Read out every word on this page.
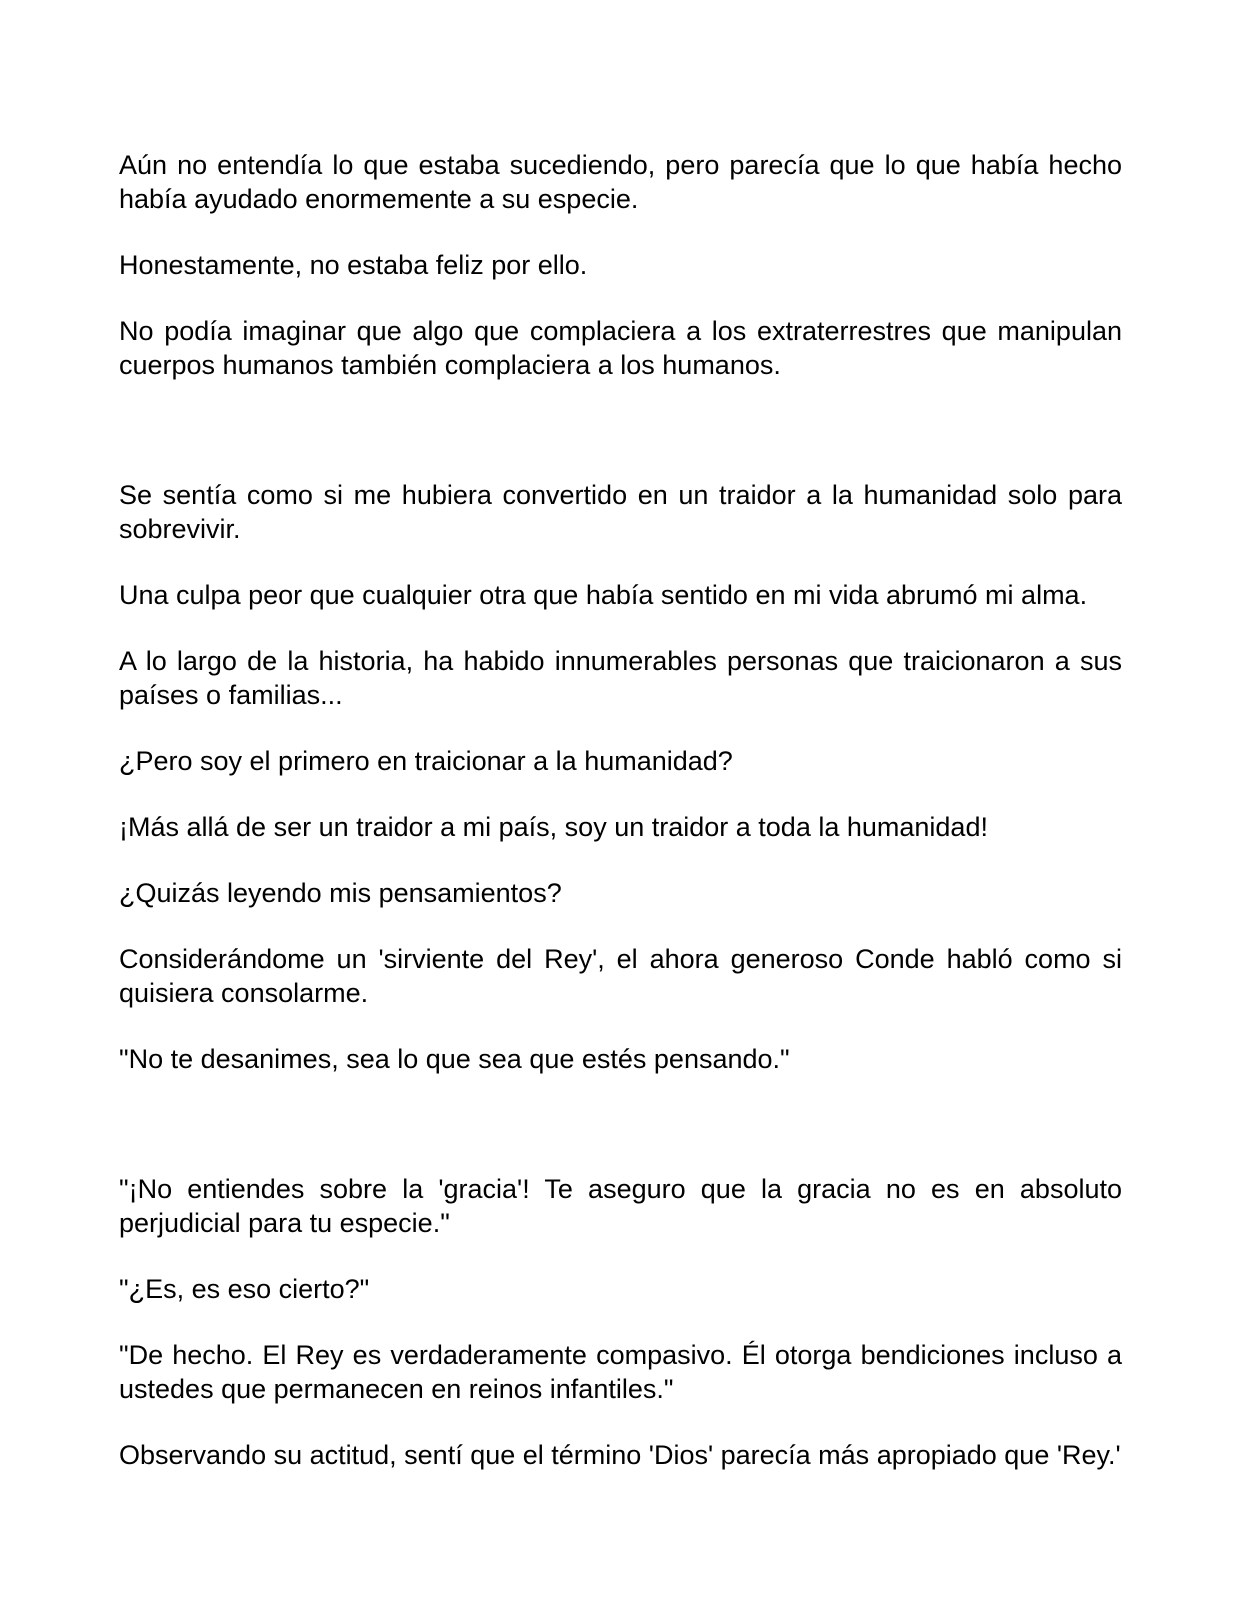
Aún no entendía lo que estaba sucediendo, pero parecía que lo que había hecho había ayudado enormemente a su especie.

Honestamente, no estaba feliz por ello.

No podía imaginar que algo que complaciera a los extraterrestres que manipulan cuerpos humanos también complaciera a los humanos.

Se sentía como si me hubiera convertido en un traidor a la humanidad solo para sobrevivir.

Una culpa peor que cualquier otra que había sentido en mi vida abrumó mi alma.

A lo largo de la historia, ha habido innumerables personas que traicionaron a sus países o familias...

¿Pero soy el primero en traicionar a la humanidad?

¡Más allá de ser un traidor a mi país, soy un traidor a toda la humanidad!

¿Quizás leyendo mis pensamientos?

Considerándome un 'sirviente del Rey', el ahora generoso Conde habló como si quisiera consolarme.

"No te desanimes, sea lo que sea que estés pensando."

"¡No entiendes sobre la 'gracia'! Te aseguro que la gracia no es en absoluto perjudicial para tu especie."

"¿Es, es eso cierto?"

"De hecho. El Rey es verdaderamente compasivo. Él otorga bendiciones incluso a ustedes que permanecen en reinos infantiles."

Observando su actitud, sentí que el término 'Dios' parecía más apropiado que 'Rey.'
